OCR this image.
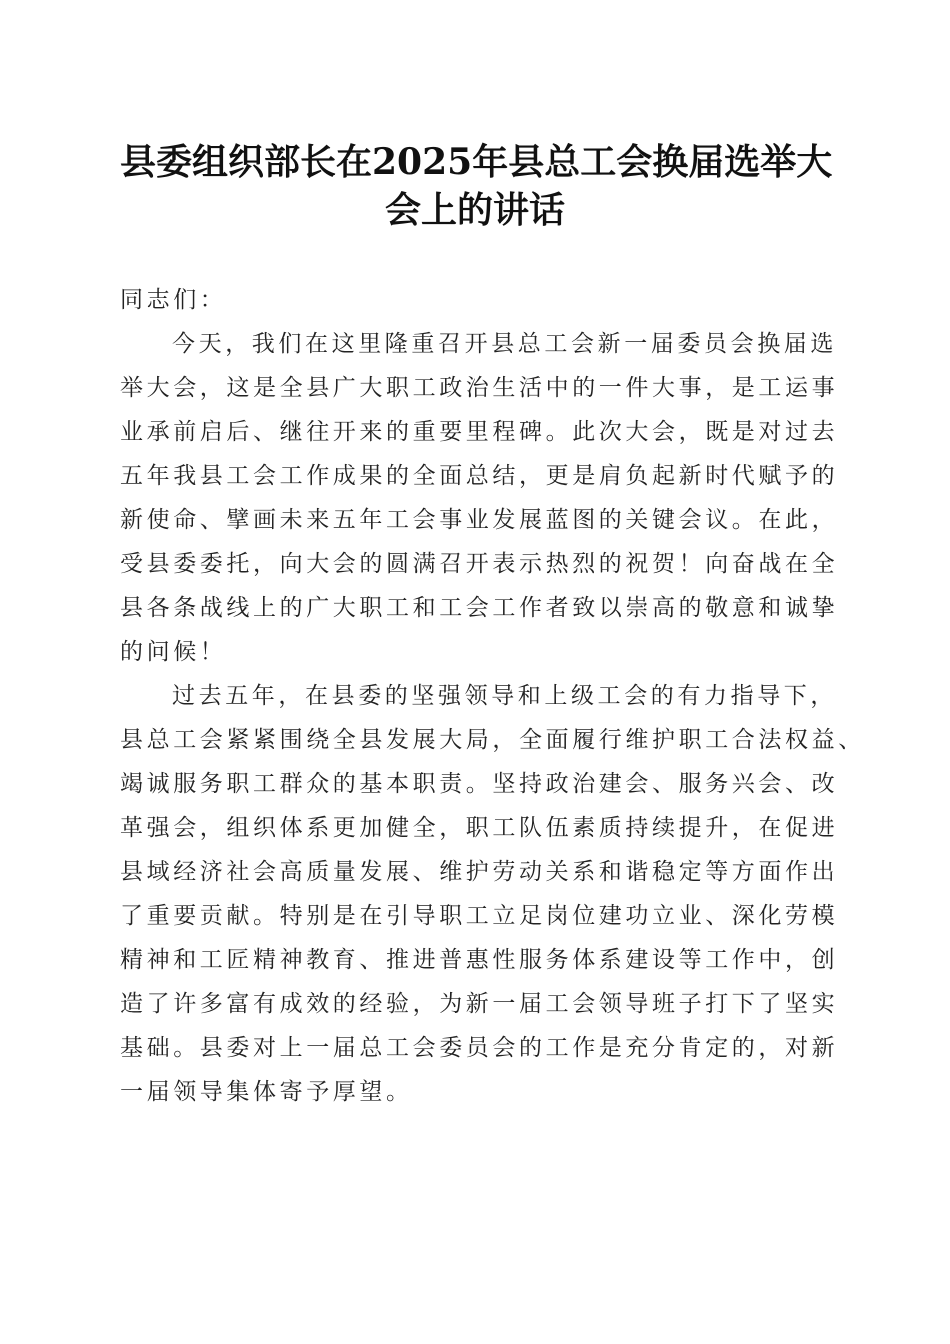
县委组织部长在2025年县总工会换届选举大
会上的讲话
同志们：
今天，我们在这里隆重召开县总工会新一届委员会换届选
举大会，这是全县广大职工政治生活中的一件大事，是工运事
业承前启后、继往开来的重要里程碑。此次大会，既是对过去
五年我县工会工作成果的全面总结，更是肩负起新时代赋予的
新使命、擘画未来五年工会事业发展蓝图的关键会议。在此，
受县委委托，向大会的圆满召开表示热烈的祝贺！向奋战在全
县各条战线上的广大职工和工会工作者致以崇高的敬意和诚挚
的问候！
过去五年，在县委的坚强领导和上级工会的有力指导下，
县总工会紧紧围绕全县发展大局，全面履行维护职工合法权益、
竭诚服务职工群众的基本职责。坚持政治建会、服务兴会、改
革强会，组织体系更加健全，职工队伍素质持续提升，在促进
县域经济社会高质量发展、维护劳动关系和谐稳定等方面作出
了重要贡献。特别是在引导职工立足岗位建功立业、深化劳模
精神和工匠精神教育、推进普惠性服务体系建设等工作中，创
造了许多富有成效的经验，为新一届工会领导班子打下了坚实
基础。县委对上一届总工会委员会的工作是充分肯定的，对新
一届领导集体寄予厚望。
